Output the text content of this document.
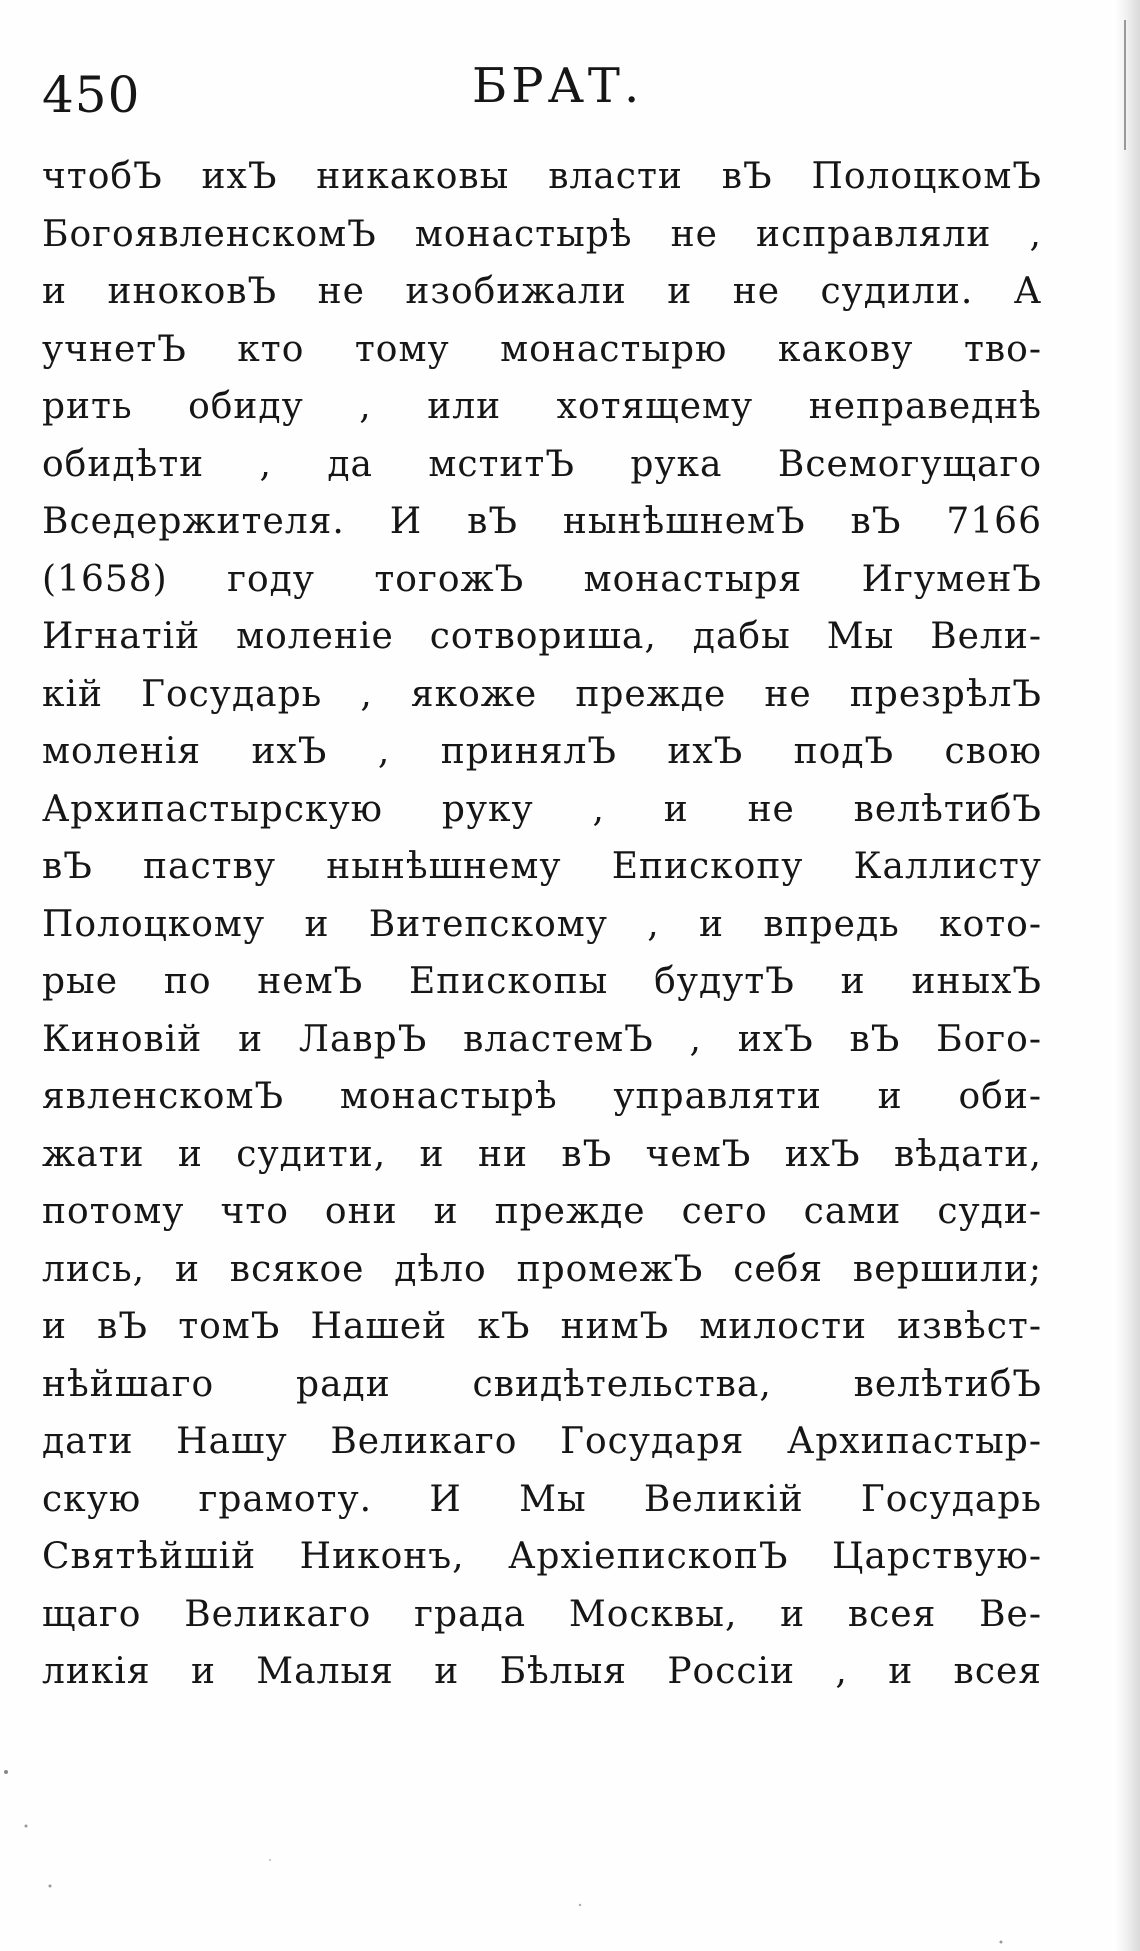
450	БРАТ.
чтобЪ ихЪ никаковы власти вЪ ПолоцкомЪ
БогоявленскомЪ монастырѣ не исправляли ,
и иноковЪ не изобижали и не судили. А
учнетЪ кто тому монастырю какову тво-
рить обиду , или хотящему неправеднѣ
обидѣти , да мститЪ рука Всемогущаго
Вседержителя. И вЪ нынѣшнемЪ вЪ 7166
(1658) году тогожЪ монастыря ИгуменЪ
Игнатій моленіе сотвориша, дабы Мы Вели-
кій Государь , якоже прежде не презрѣлЪ
моленія ихЪ , принялЪ ихЪ подЪ свою
Архипастырскую руку , и не велѣтибЪ
вЪ паству нынѣшнему Епископу Каллисту
Полоцкому и Витепскому , и впредь кото-
рые по немЪ Епископы будутЪ и иныхЪ
Киновій и ЛаврЪ властемЪ , ихЪ вЪ Бого-
явленскомЪ монастырѣ управляти и оби-
жати и судити, и ни вЪ чемЪ ихЪ вѣдати,
потому что они и прежде сего сами суди-
лись, и всякое дѣло промежЪ себя вершили;
и вЪ томЪ Нашей кЪ нимЪ милости извѣст-
нѣйшаго ради свидѣтельства, велѣтибЪ
дати Нашу Великаго Государя Архипастыр-
скую грамоту. И Мы Великій Государь
Святѣйшій Никонъ, АрхіепископЪ Царствую-
щаго Великаго града Москвы, и всея Ве-
ликія и Малыя и Бѣлыя Россіи , и всея
